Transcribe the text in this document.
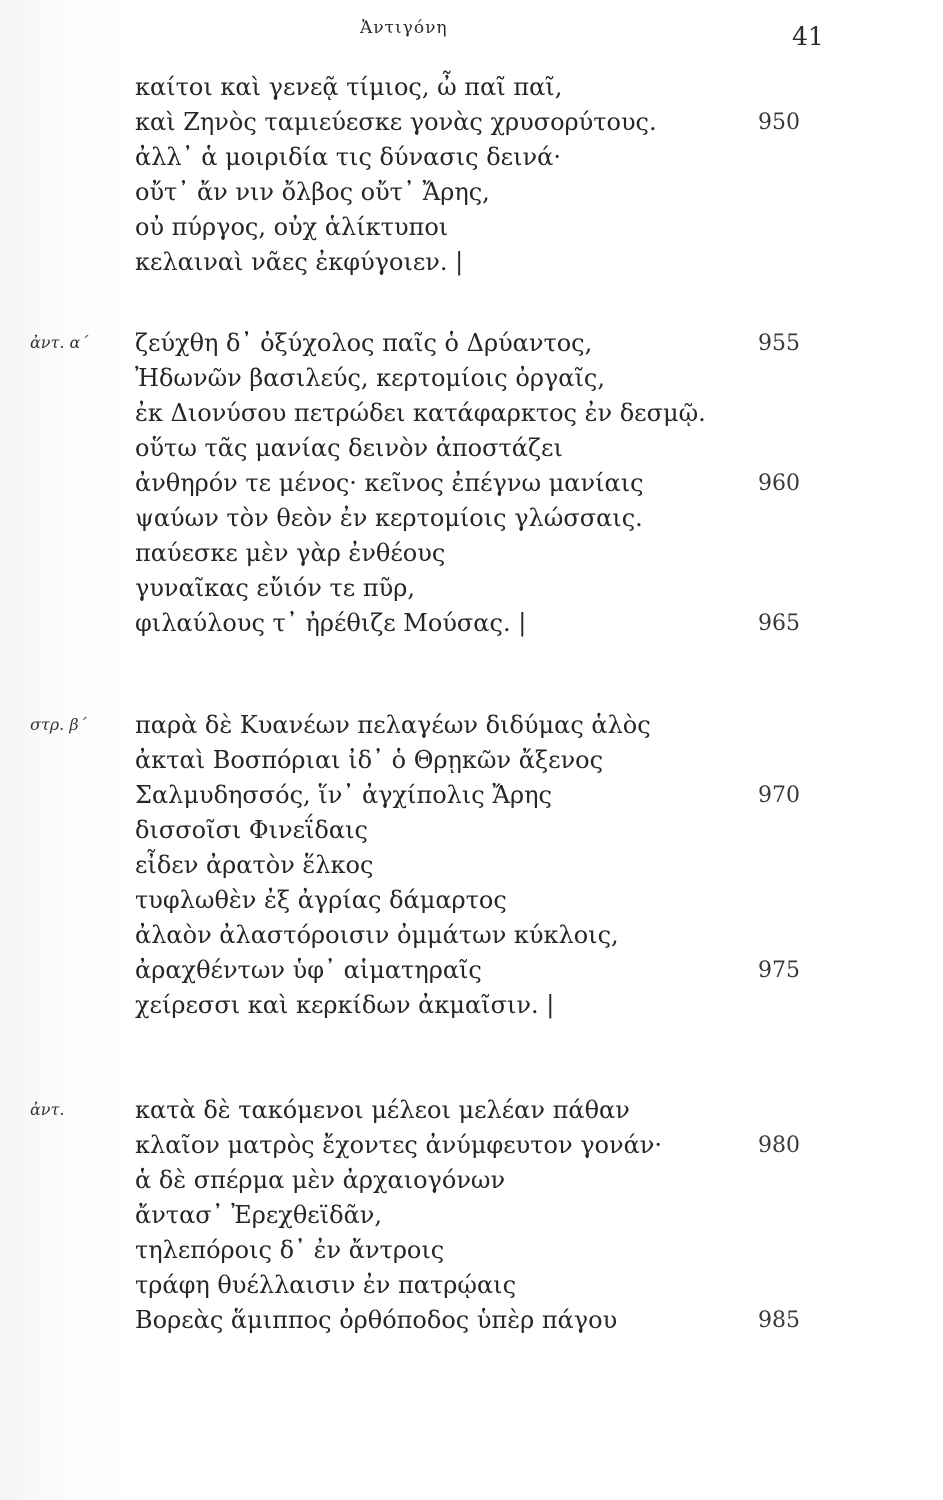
Ἀντιγόνη	41
καίτοι καὶ γενεᾷ τίμιος, ὦ παῖ παῖ,
καὶ Ζηνὸς ταμιεύεσκε γονὰς χρυσορύτους.	950
ἀλλ᾽ ἁ μοιριδία τις δύνασις δεινά·
οὔτ᾽ ἄν νιν ὄλβος οὔτ᾽ Ἄρης,
οὐ πύργος, οὐχ ἁλίκτυποι
κελαιναὶ νᾶες ἐκφύγοιεν. |
ἀντ. α´ ζεύχθη δ᾽ ὀξύχολος παῖς ὁ Δρύαντος,	955
Ἠδωνῶν βασιλεύς, κερτομίοις ὀργαῖς,
ἐκ Διονύσου πετρώδει κατάφαρκτος ἐν δεσμῷ.
οὕτω τᾶς μανίας δεινὸν ἀποστάζει
ἀνθηρόν τε μένος· κεῖνος ἐπέγνω μανίαις	960
ψαύων τὸν θεὸν ἐν κερτομίοις γλώσσαις.
παύεσκε μὲν γὰρ ἐνθέους
γυναῖκας εὔιόν τε πῦρ,
φιλαύλους τ᾽ ἠρέθιζε Μούσας. |	965
στρ. β´ παρὰ δὲ Κυανέων πελαγέων διδύμας ἁλὸς
ἀκταὶ Βοσπόριαι ἰδ᾽ ὁ Θρῃκῶν ἄξενος
Σαλμυδησσός, ἵν᾽ ἀγχίπολις Ἄρης	970
δισσοῖσι Φινεΐδαις
εἶδεν ἀρατὸν ἕλκος
τυφλωθὲν ἐξ ἀγρίας δάμαρτος
ἀλαὸν ἀλαστόροισιν ὀμμάτων κύκλοις,
ἀραχθέντων ὑφ᾽ αἱματηραῖς	975
χείρεσσι καὶ κερκίδων ἀκμαῖσιν. |
ἀντ.	κατὰ δὲ τακόμενοι μέλεοι μελέαν πάθαν
κλαῖον ματρὸς ἔχοντες ἀνύμφευτον γονάν·	980
ἁ δὲ σπέρμα μὲν ἀρχαιογόνων
ἄντασ᾽ Ἐρεχθεϊδᾶν,
τηλεπόροις δ᾽ ἐν ἄντροις
τράφη θυέλλαισιν ἐν πατρῴαις
Βορεὰς ἅμιππος ὀρθόποδος ὑπὲρ πάγου	985
